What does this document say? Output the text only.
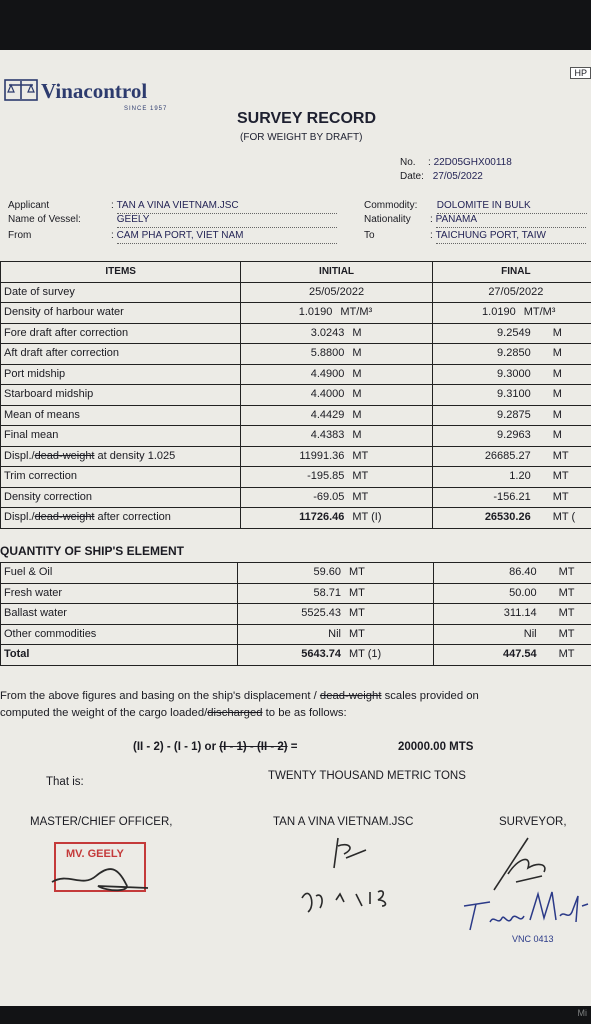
Vinacontrol
SINCE 1957
HP
SURVEY RECORD
(FOR WEIGHT BY DRAFT)
No. : 22D05GHX00118
Date: 27/05/2022
Applicant	: TAN A VINA VIETNAM.JSC
Name of Vessel:	GEELY
From	: CAM PHA PORT, VIET NAM
Commodity: DOLOMITE IN BULK
Nationality : PANAMA
To	: TAICHUNG PORT, TAIW
ITEMS	INITIAL	FINAL
Date of survey	25/05/2022	27/05/2022
Density of harbour water	1.0190 MT/M³	1.0190 MT/M³
Fore draft after correction	3.0243 M	9.2549 M
Aft draft after correction	5.8800 M	9.2850 M
Port midship	4.4900 M	9.3000 M
Starboard midship	4.4000 M	9.3100 M
Mean of means	4.4429 M	9.2875 M
Final mean	4.4383 M	9.2963 M
Displ./dead-weight at density 1.025	11991.36 MT	26685.27 MT
Trim correction	-195.85 MT	1.20 MT
Density correction	-69.05 MT	-156.21 MT
Displ./dead-weight after correction	11726.46 MT (I)	26530.26 MT (
QUANTITY OF SHIP'S ELEMENT
Fuel & Oil	59.60 MT	86.40 MT
Fresh water	58.71 MT	50.00 MT
Ballast water	5525.43 MT	311.14 MT
Other commodities	Nil MT	Nil MT
Total	5643.74 MT (1)	447.54 MT
From the above figures and basing on the ship's displacement / dead-weight scales provided on
computed the weight of the cargo loaded/discharged to be as follows:
(II - 2) - (I - 1) or (I - 1) - (II - 2) =	20000.00 MTS
That is:	TWENTY THOUSAND METRIC TONS
MASTER/CHIEF OFFICER,	TAN A VINA VIETNAM.JSC	SURVEYOR,
MV. GEELY
VNC 0413
Mi
